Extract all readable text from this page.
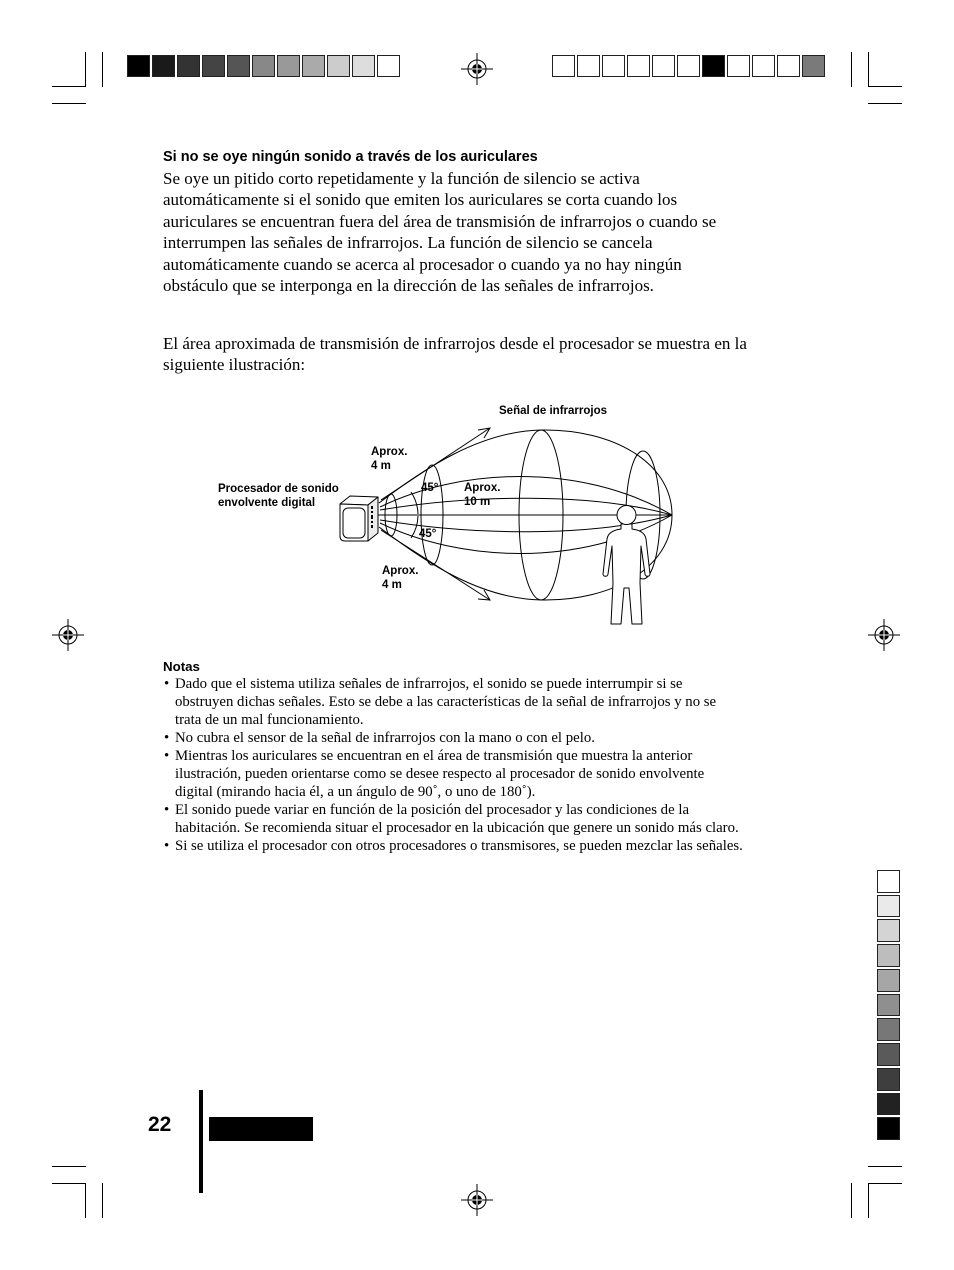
Si no se oye ningún sonido a través de los auriculares
Se oye un pitido corto repetidamente y la función de silencio se activa
automáticamente si el sonido que emiten los auriculares se corta cuando los
auriculares se encuentran fuera del área de transmisión de infrarrojos o cuando se
interrumpen las señales de infrarrojos. La función de silencio se cancela
automáticamente cuando se acerca al procesador o cuando ya no hay ningún
obstáculo que se interponga en la dirección de las señales de infrarrojos.
El área aproximada de transmisión de infrarrojos desde el procesador se muestra en la
siguiente ilustración:
Señal de infrarrojos
Aprox.
4 m
Procesador de sonido
envolvente digital
45° Aprox.
10 m
45°
Aprox.
4 m
Notas
• Dado que el sistema utiliza señales de infrarrojos, el sonido se puede interrumpir si se
obstruyen dichas señales. Esto se debe a las características de la señal de infrarrojos y no se
trata de un mal funcionamiento.
• No cubra el sensor de la señal de infrarrojos con la mano o con el pelo.
• Mientras los auriculares se encuentran en el área de transmisión que muestra la anterior
ilustración, pueden orientarse como se desee respecto al procesador de sonido envolvente
digital (mirando hacia él, a un ángulo de 90˚, o uno de 180˚).
• El sonido puede variar en función de la posición del procesador y las condiciones de la
habitación. Se recomienda situar el procesador en la ubicación que genere un sonido más claro.
• Si se utiliza el procesador con otros procesadores o transmisores, se pueden mezclar las señales.
22
